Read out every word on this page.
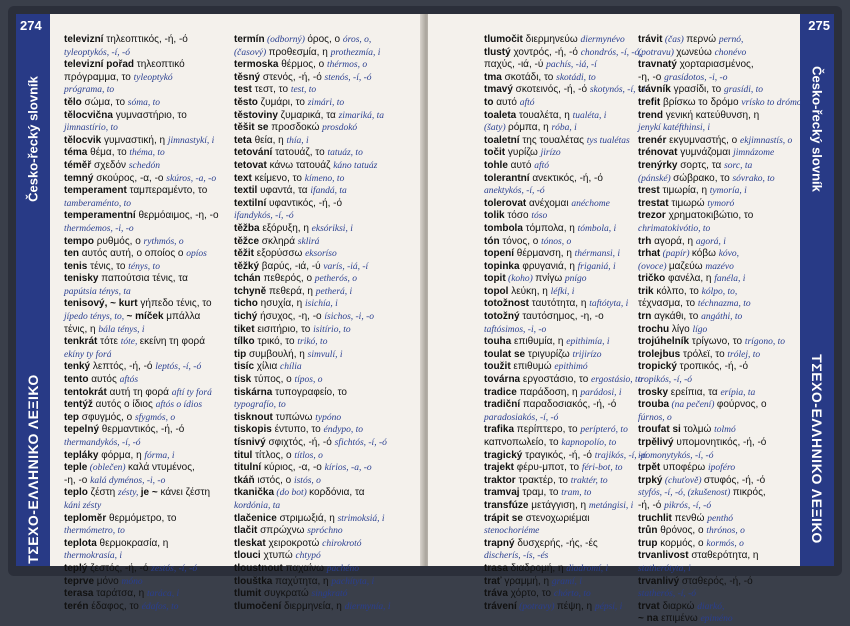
274
Česko-řecký slovník
ΤΣΕΧΟ-ΕΛΛΗΝΙΚΟ ΛΕΞΙΚΟ
televizní τηλεοπτικός, -ή, -ό
tyleoptykós, -í, -ó
televizní pořad τηλεοπτικό
πρόγραμμα, το tyleoptykó
prógrama, to
tělo σώμα, το sóma, to
tělocvična γυμναστήριο, το
jimnastírio, to
tělocvik γυμναστική, η jimnastykí, i
téma θέμα, το théma, to
téměř σχεδόν schedón
temný σκούρος, -α, -ο skúros, -a, -o
temperament ταμπεραμέντο, το
tamberaménto, to
temperamentní θερμόαιμος, -η, -ο
thermóemos, -i, -o
tempo ρυθμός, ο rythmós, o
ten αυτός αυτή, ο οποίος ο opíos
tenis τένις, το ténys, to
tenisky παπούτσια τένις, τα
papútsia ténys, ta
tenisový, ~ kurt γήπεδο τένις, το
jípedo ténys, to, ~ míček μπάλλα
τένις, η bála ténys, i
tenkrát τότε tóte, εκείνη τη φορά
ekíny ty forá
tenký λεπτός, -ή, -ό leptós, -í, -ó
tento αυτός aftós
tentokrát αυτή τη φορά aftí ty forá
tentýž αυτός ο ίδιος aftós o ídios
tep σφυγμός, ο sfygmós, o
tepelný θερμαντικός, -ή, -ό
thermandykós, -í, -ó
teplákу φόρμα, η fórma, i
teple (oblečen) καλά ντυμένος,
-η, -ο kalá dyménos, -i, -o
teplo ζέστη zésty, je ~ κάνει ζέστη
káni zésty
teploměr θερμόμετρο, το
thermómetro, to
teplota θερμοκρασία, η
thermokrasía, i
teplý ζεστός, -ή, -ό zestós, -í, -ó
teprve μόνο móno
terasa ταράτσα, η taráca, i
terén έδαφος, το édafos, to
termín (odborný) όρος, ο óros, o,
(časový) προθεσμία, η prothezmía, i
termoska θέρμος, ο thérmos, o
těsný στενός, -ή, -ό stenós, -í, -ó
test τεστ, το test, to
těsto ζυμάρι, το zimári, to
těstoviny ζυμαρικά, τα zimariká, ta
těšit se προσδοκώ prosdokó
teta θεία, η thía, i
tetování τατουάζ, το tatuáz, to
tetovat κάνω τατουάζ káno tatuáz
text κείμενο, το kímeno, to
textil υφαντά, τα ifandá, ta
textilní υφαντικός, -ή, -ό
ifandykós, -í, -ó
těžba εξόρυξη, η eksóriksi, i
těžce σκληρά sklirá
těžit εξορύσσω eksoríso
těžký βαρύς, -ιά, -ύ varís, -iá, -í
tchán πεθερός, ο petherós, o
tchyně πεθερά, η petherá, i
ticho ησυχία, η isichía, i
tichý ήσυχος, -η, -ο ísichos, -i, -o
tiket εισιτήριο, το isitírio, to
tílko τρικό, το trikó, to
tip συμβουλή, η simvulí, i
tisíc χίλια chília
tisk τύπος, ο típos, o
tiskárna τυπογραφείο, το
typografío, to
tisknout τυπώνω typóno
tiskopis έντυπο, το éndypo, to
tísnivý σφιχτός, -ή, -ό sfichtós, -í, -ó
titul τίτλος, ο títlos, o
titulní κύριος, -α, -ο kírios, -a, -o
tkáň ιστός, ο istós, o
tkanička (do bot) κορδόνια, τα
kordónia, ta
tlačenice στριμωξιά, η strimoksiá, i
tlačit σπρώχνω spróchno
tleskat χειροκροτώ chirokrotó
tlouci χτυπώ chtypó
tloustnout παχαίνω pachéno
tlouštka παχύτητα, η pachítyta, i
tlumit συγκρατώ singkrató
tlumočení διερμηνεία, η diermynía, i
275
Česko-řecký slovník
ΤΣΕΧΟ-ΕΛΛΗΝΙΚΟ ΛΕΞΙΚΟ
tlumočit διερμηνεύω diermynévo
tlustý χοντρός, -ή, -ό chondrós, -í, -ó,
παχύς, -ιά, -ύ pachís, -iá, -í
tma σκοτάδι, το skotádi, to
tmavý σκοτεινός, -ή, -ό skotynós, -í, -ó
to αυτό aftó
toaleta τουαλέτα, η tualéta, i
(šaty) ρόμπα, η róba, i
toaletní της τουαλέτας tys tualétas
točit γυρίζω jirízo
tohle αυτό aftó
tolerantní ανεκτικός, -ή, -ό
anektykós, -í, -ó
tolerovat ανέχομαι anéchome
tolik τόσο tóso
tombola τόμπολα, η tómbola, i
tón τόνος, ο tónos, o
topení θέρμανση, η thérmansi, i
topinka φρυγανιά, η friganiá, i
topit (koho) πνίγω pnígo
topol λεύκη, η léfki, i
totožnost ταυτότητα, η taftótyta, i
totožný ταυτόσημος, -η, -ο
taftósimos, -i, -o
touha επιθυμία, η epithimía, i
toulat se τριγυρίζω trijirízo
toužit επιθυμώ epithimó
továrna εργοστάσιο, το ergostásio, to
tradice παράδοση, η parádosi, i
tradiční παραδοσιακός, -ή, -ό
paradosiakós, -í, -ó
trafika περίπτερο, το perípteró, to
καπνοπωλείο, το kapnopolío, to
tragický τραγικός, -ή, -ό trajikós, -í, -ó
trajekt φέρυ-μποτ, το féri-bot, to
traktor τρακτέρ, το traktér, to
tramvaj τραμ, το tram, to
transfúze μετάγγιση, η metángisi, i
trápit se στενοχωριέμαι
stenochoriéme
trapný δυσχερής, -ής, -ές
discherís, -ís, -és
trasa διαδρομή, η diadromí, i
trať γραμμή, η gramí, i
tráva χόρτο, το chórto, to
trávení (potravy) πέψη, η pépsi, i
trávit (čas) περνώ pernó,
(potravu) χωνεύω chonévo
travnatý χορταριασμένος,
-η, -ο grasídotos, -i, -o
trávník γρασίδι, το grasídi, to
trefit βρίσκω το δρόμο vrísko to drómo
trend γενική κατεύθυνση, η
jenykí katéfthinsi, i
trenér εκγυμναστής, ο ekjimnastís, o
trénovat γυμνάζομαι jimnázome
trenýrky σορτς, τα sorc, ta
(pánské) σώβρακο, το sóvrako, to
trest τιμωρία, η tymoría, i
trestat τιμωρώ tymoró
trezor χρηματοκιβώτιο, το
chrimatokivótio, to
trh αγορά, η agorá, i
trhat (papír) κόβω kóvo,
(ovoce) μαζεύω mazévo
tričko φανέλα, η fanéla, i
trik κόλπο, το kólpo, to,
τέχνασμα, το téchnazma, to
trn αγκάθι, το angáthi, to
trochu λίγο lígo
trojúhelník τρίγωνο, το trígono, to
trolejbus τρόλεϊ, το trólej, to
tropický τροπικός, -ή, -ό
tropikós, -í, -ó
trosky ερείπια, τα erípia, ta
trouba (na pečení) φούρνος, ο
fúrnos, o
troufat si τολμώ tolmó
trpělivý υπομονητικός, -ή, -ό
ipomonytykós, -í, -ó
trpět υποφέρω ipoféro
trpký (chuťově) στυφός, -ή, -ό
styfós, -í, -ó, (zkušenost) πικρός,
-ή, -ό pikrós, -í, -ó
truchlit πενθώ penthó
trůn θρόνος, ο thrónos, o
trup κορμός, ο kormós, o
trvanlivost σταθερότητα, η
statherótyta, i
trvanlivý σταθερός, -ή, -ό
statherós, -í, -ó
trvat διαρκώ diarkó,
~ na επιμένω epiméno
